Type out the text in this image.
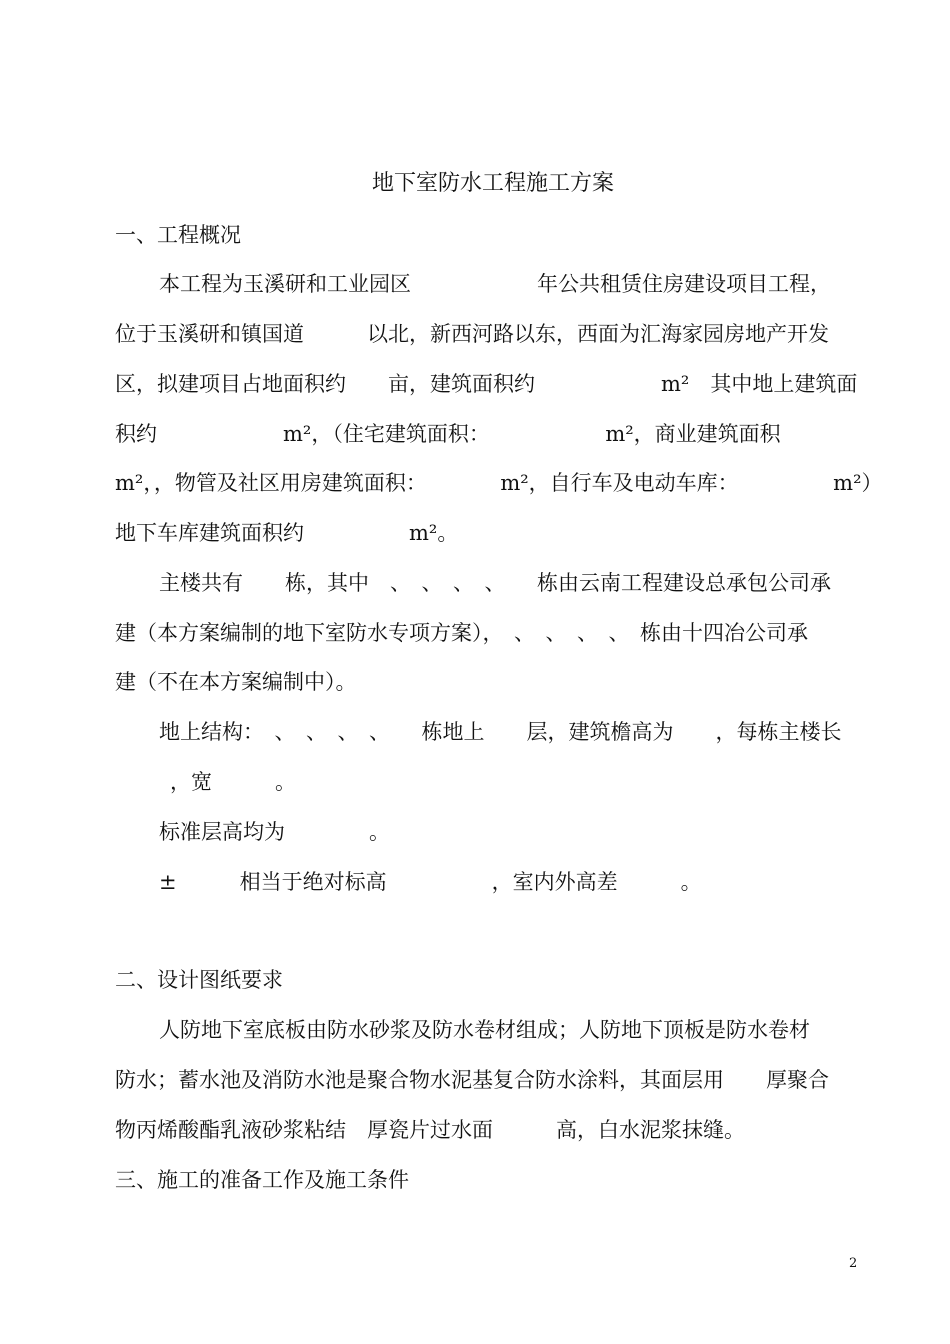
地下室防水工程施工方案

一、工程概况

本工程为玉溪研和工业园区　　　　　　年公共租赁住房建设项目工程，

位于玉溪研和镇国道　　　以北，新西河路以东，西面为汇海家园房地产开发

区，拟建项目占地面积约　　亩，建筑面积约　　　　　　m²　其中地上建筑面

积约　　　　　　m²，（住宅建筑面积：　　　　　　m²，商业建筑面积

m²，，物管及社区用房建筑面积：　　　　m²，自行车及电动车库：　　　　　m²）

地下车库建筑面积约　　　　　m²。

主楼共有　　栋，其中　、　、　、　、　　栋由云南工程建设总承包公司承

建（本方案编制的地下室防水专项方案），　、　、　、　、　栋由十四冶公司承

建（不在本方案编制中）。

地上结构：　、　、　、　、　　栋地上　　层，建筑檐高为　　，每栋主楼长

，宽　　　。

标准层高均为　　　　。

±　　　相当于绝对标高　　　　　，室内外高差　　　。

二、设计图纸要求

人防地下室底板由防水砂浆及防水卷材组成；人防地下顶板是防水卷材

防水；蓄水池及消防水池是聚合物水泥基复合防水涂料，其面层用　　厚聚合

物丙烯酸酯乳液砂浆粘结　厚瓷片过水面　　　高，白水泥浆抹缝。

三、施工的准备工作及施工条件

2
